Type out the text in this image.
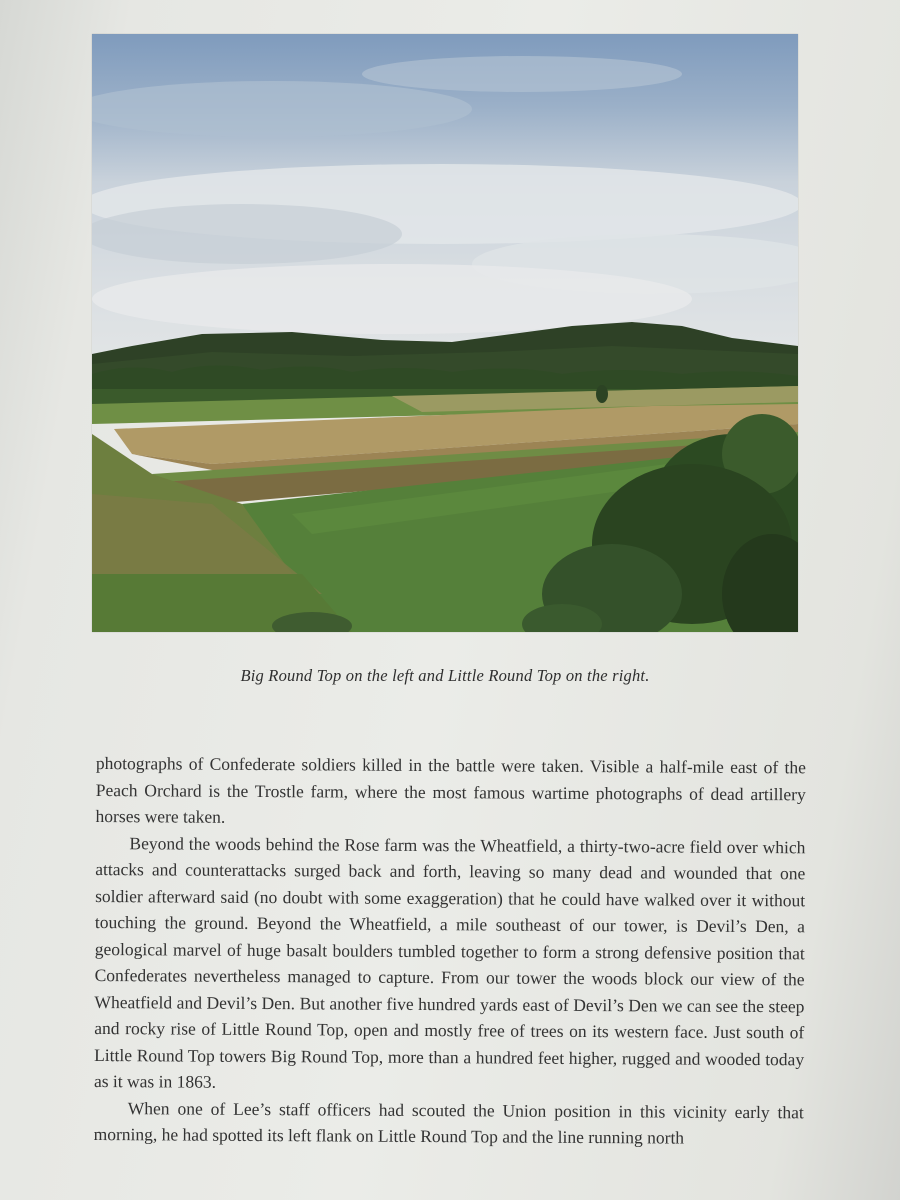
Big Round Top on the left and Little Round Top on the right.

photographs of Confederate soldiers killed in the battle were taken. Visible a half-mile east of the Peach Orchard is the Trostle farm, where the most famous wartime photographs of dead artillery horses were taken.

Beyond the woods behind the Rose farm was the Wheatfield, a thirty-two-acre field over which attacks and counterattacks surged back and forth, leaving so many dead and wounded that one soldier afterward said (no doubt with some exaggeration) that he could have walked over it without touching the ground. Beyond the Wheatfield, a mile southeast of our tower, is Devil’s Den, a geological marvel of huge basalt boulders tumbled together to form a strong defensive position that Confederates nevertheless managed to capture. From our tower the woods block our view of the Wheatfield and Devil’s Den. But another five hundred yards east of Devil’s Den we can see the steep and rocky rise of Little Round Top, open and mostly free of trees on its western face. Just south of Little Round Top towers Big Round Top, more than a hundred feet higher, rugged and wooded today as it was in 1863.

When one of Lee’s staff officers had scouted the Union position in this vicinity early that morning, he had spotted its left flank on Little Round Top and the line running north
